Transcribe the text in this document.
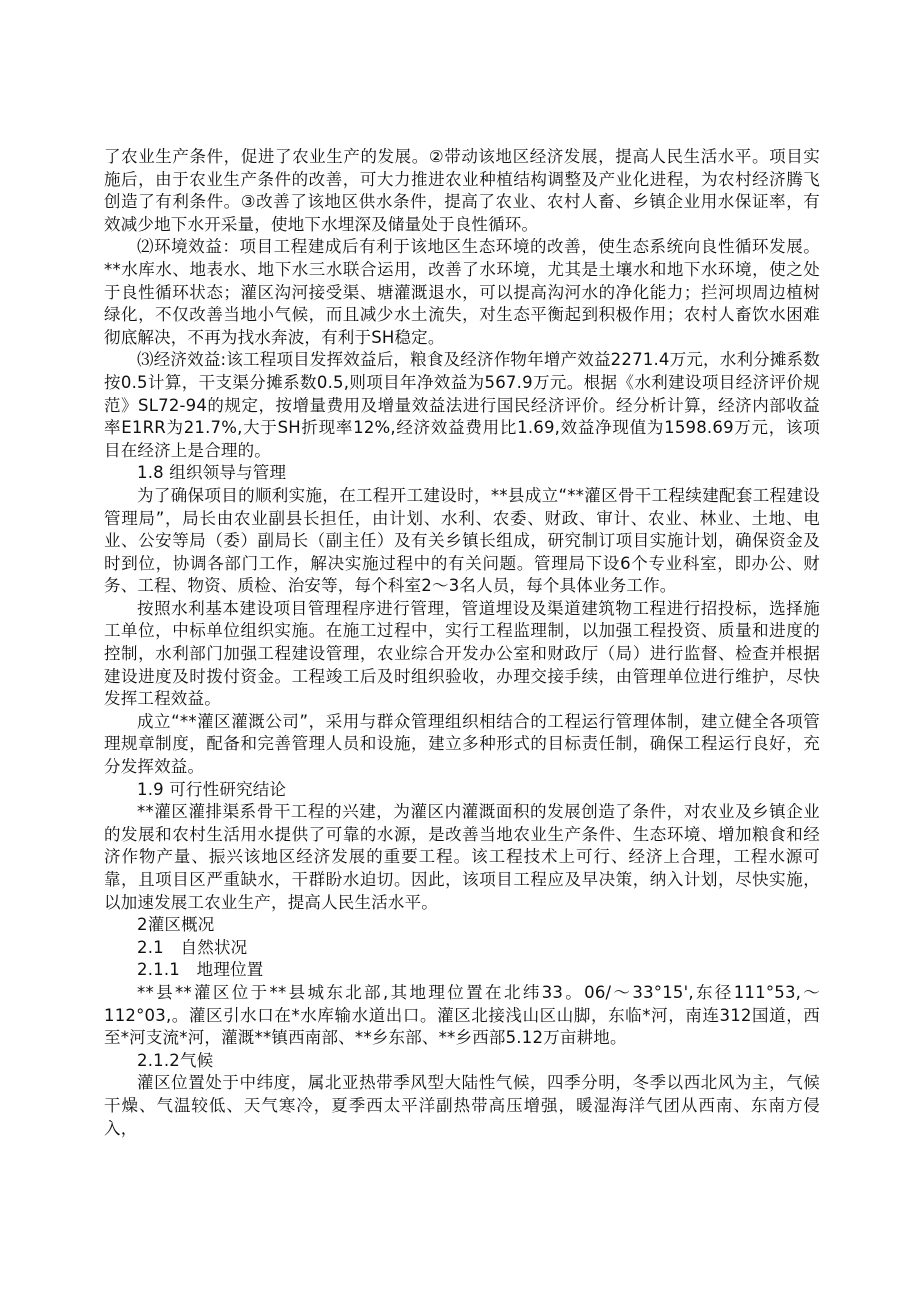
了农业生产条件，促进了农业生产的发展。②带动该地区经济发展，提高人民生活水平。项目实施后，由于农业生产条件的改善，可大力推进农业种植结构调整及产业化进程，为农村经济腾飞创造了有利条件。③改善了该地区供水条件，提高了农业、农村人畜、乡镇企业用水保证率，有效减少地下水开采量，使地下水埋深及储量处于良性循环。

⑵环境效益：项目工程建成后有利于该地区生态环境的改善，使生态系统向良性循环发展。**水库水、地表水、地下水三水联合运用，改善了水环境，尤其是土壤水和地下水环境，使之处于良性循环状态；灌区沟河接受渠、塘灌溉退水，可以提高沟河水的净化能力；拦河坝周边植树绿化，不仅改善当地小气候，而且减少水土流失，对生态平衡起到积极作用；农村人畜饮水困难彻底解决，不再为找水奔波，有利于SH稳定。

⑶经济效益:该工程项目发挥效益后，粮食及经济作物年增产效益2271.4万元，水利分摊系数按0.5计算，干支渠分摊系数0.5,则项目年净效益为567.9万元。根据《水利建设项目经济评价规范》SL72-94的规定，按增量费用及增量效益法进行国民经济评价。经分析计算，经济内部收益率E1RR为21.7%,大于SH折现率12%,经济效益费用比1.69,效益净现值为1598.69万元，该项目在经济上是合理的。

1.8 组织领导与管理

为了确保项目的顺利实施，在工程开工建设时，**县成立“**灌区骨干工程续建配套工程建设管理局”，局长由农业副县长担任，由计划、水利、农委、财政、审计、农业、林业、土地、电业、公安等局（委）副局长（副主任）及有关乡镇长组成，研究制订项目实施计划，确保资金及时到位，协调各部门工作，解决实施过程中的有关问题。管理局下设6个专业科室，即办公、财务、工程、物资、质检、治安等，每个科室2～3名人员，每个具体业务工作。

按照水利基本建设项目管理程序进行管理，管道埋设及渠道建筑物工程进行招投标，选择施工单位，中标单位组织实施。在施工过程中，实行工程监理制，以加强工程投资、质量和进度的控制，水利部门加强工程建设管理，农业综合开发办公室和财政厅（局）进行监督、检查并根据建设进度及时拨付资金。工程竣工后及时组织验收，办理交接手续，由管理单位进行维护，尽快发挥工程效益。

成立“**灌区灌溉公司”，采用与群众管理组织相结合的工程运行管理体制，建立健全各项管理规章制度，配备和完善管理人员和设施，建立多种形式的目标责任制，确保工程运行良好，充分发挥效益。

1.9 可行性研究结论

**灌区灌排渠系骨干工程的兴建，为灌区内灌溉面积的发展创造了条件，对农业及乡镇企业的发展和农村生活用水提供了可靠的水源，是改善当地农业生产条件、生态环境、增加粮食和经济作物产量、振兴该地区经济发展的重要工程。该工程技术上可行、经济上合理，工程水源可靠，且项目区严重缺水，干群盼水迫切。因此，该项目工程应及早决策，纳入计划，尽快实施，以加速发展工农业生产，提高人民生活水平。

2灌区概况

2.1　自然状况

2.1.1　地理位置

**县**灌区位于**县城东北部,其地理位置在北纬33。06/～33°15',东径111°53,～112°03,。灌区引水口在*水库输水道出口。灌区北接浅山区山脚，东临*河，南连312国道，西至*河支流*河，灌溉**镇西南部、**乡东部、**乡西部5.12万亩耕地。

2.1.2气候

灌区位置处于中纬度，属北亚热带季风型大陆性气候，四季分明，冬季以西北风为主，气候干燥、气温较低、天气寒冷，夏季西太平洋副热带高压增强，暖湿海洋气团从西南、东南方侵入，
